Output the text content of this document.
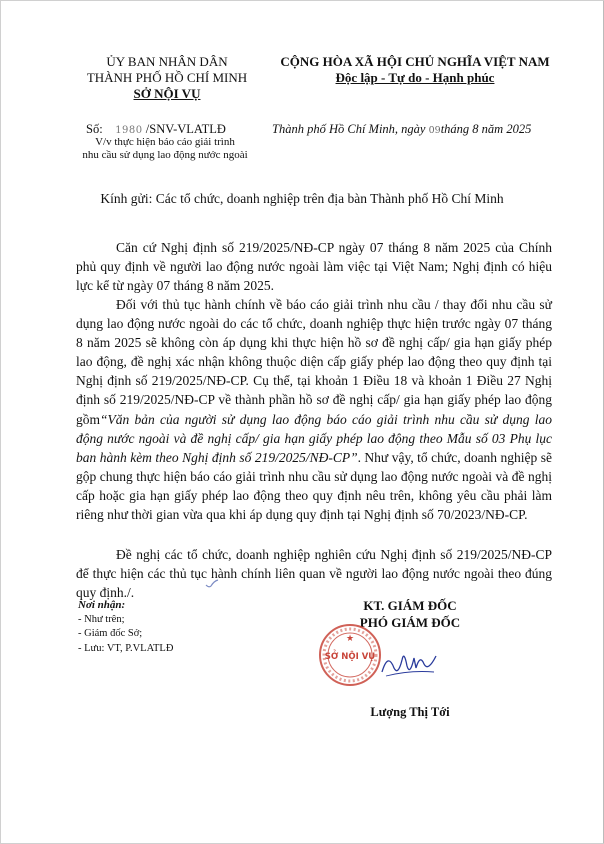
ỦY BAN NHÂN DÂN
THÀNH PHỐ HỒ CHÍ MINH
SỞ NỘI VỤ
CỘNG HÒA XÃ HỘI CHỦ NGHĨA VIỆT NAM
Độc lập - Tự do - Hạnh phúc
Số: 1980 /SNV-VLATLĐ
V/v thực hiện báo cáo giải trình
nhu cầu sử dụng lao động nước ngoài
Thành phố Hồ Chí Minh, ngày 09tháng 8 năm 2025
Kính gửi: Các tổ chức, doanh nghiệp trên địa bàn Thành phố Hồ Chí Minh

Căn cứ Nghị định số 219/2025/NĐ-CP ngày 07 tháng 8 năm 2025 của Chính phủ quy định về người lao động nước ngoài làm việc tại Việt Nam; Nghị định có hiệu lực kể từ ngày 07 tháng 8 năm 2025.

Đối với thủ tục hành chính về báo cáo giải trình nhu cầu / thay đổi nhu cầu sử dụng lao động nước ngoài do các tổ chức, doanh nghiệp thực hiện trước ngày 07 tháng 8 năm 2025 sẽ không còn áp dụng khi thực hiện hồ sơ đề nghị cấp/ gia hạn giấy phép lao động, đề nghị xác nhận không thuộc diện cấp giấy phép lao động theo quy định tại Nghị định số 219/2025/NĐ-CP. Cụ thể, tại khoản 1 Điều 18 và khoản 1 Điều 27 Nghị định số 219/2025/NĐ-CP về thành phần hồ sơ đề nghị cấp/ gia hạn giấy phép lao động gồm“Văn bản của người sử dụng lao động báo cáo giải trình nhu cầu sử dụng lao động nước ngoài và đề nghị cấp/ gia hạn giấy phép lao động theo Mẫu số 03 Phụ lục ban hành kèm theo Nghị định số 219/2025/NĐ-CP”. Như vậy, tổ chức, doanh nghiệp sẽ gộp chung thực hiện báo cáo giải trình nhu cầu sử dụng lao động nước ngoài và đề nghị cấp hoặc gia hạn giấy phép lao động theo quy định nêu trên, không yêu cầu phải làm riêng như thời gian vừa qua khi áp dụng quy định tại Nghị định số 70/2023/NĐ-CP.

Đề nghị các tổ chức, doanh nghiệp nghiên cứu Nghị định số 219/2025/NĐ-CP để thực hiện các thủ tục hành chính liên quan về người lao động nước ngoài theo đúng quy định./.

Nơi nhận:
- Như trên;
- Giám đốc Sở;
- Lưu: VT, P.VLATLĐ
KT. GIÁM ĐỐC
PHÓ GIÁM ĐỐC
SỞ NỘI VỤ
★
Lượng Thị Tới
